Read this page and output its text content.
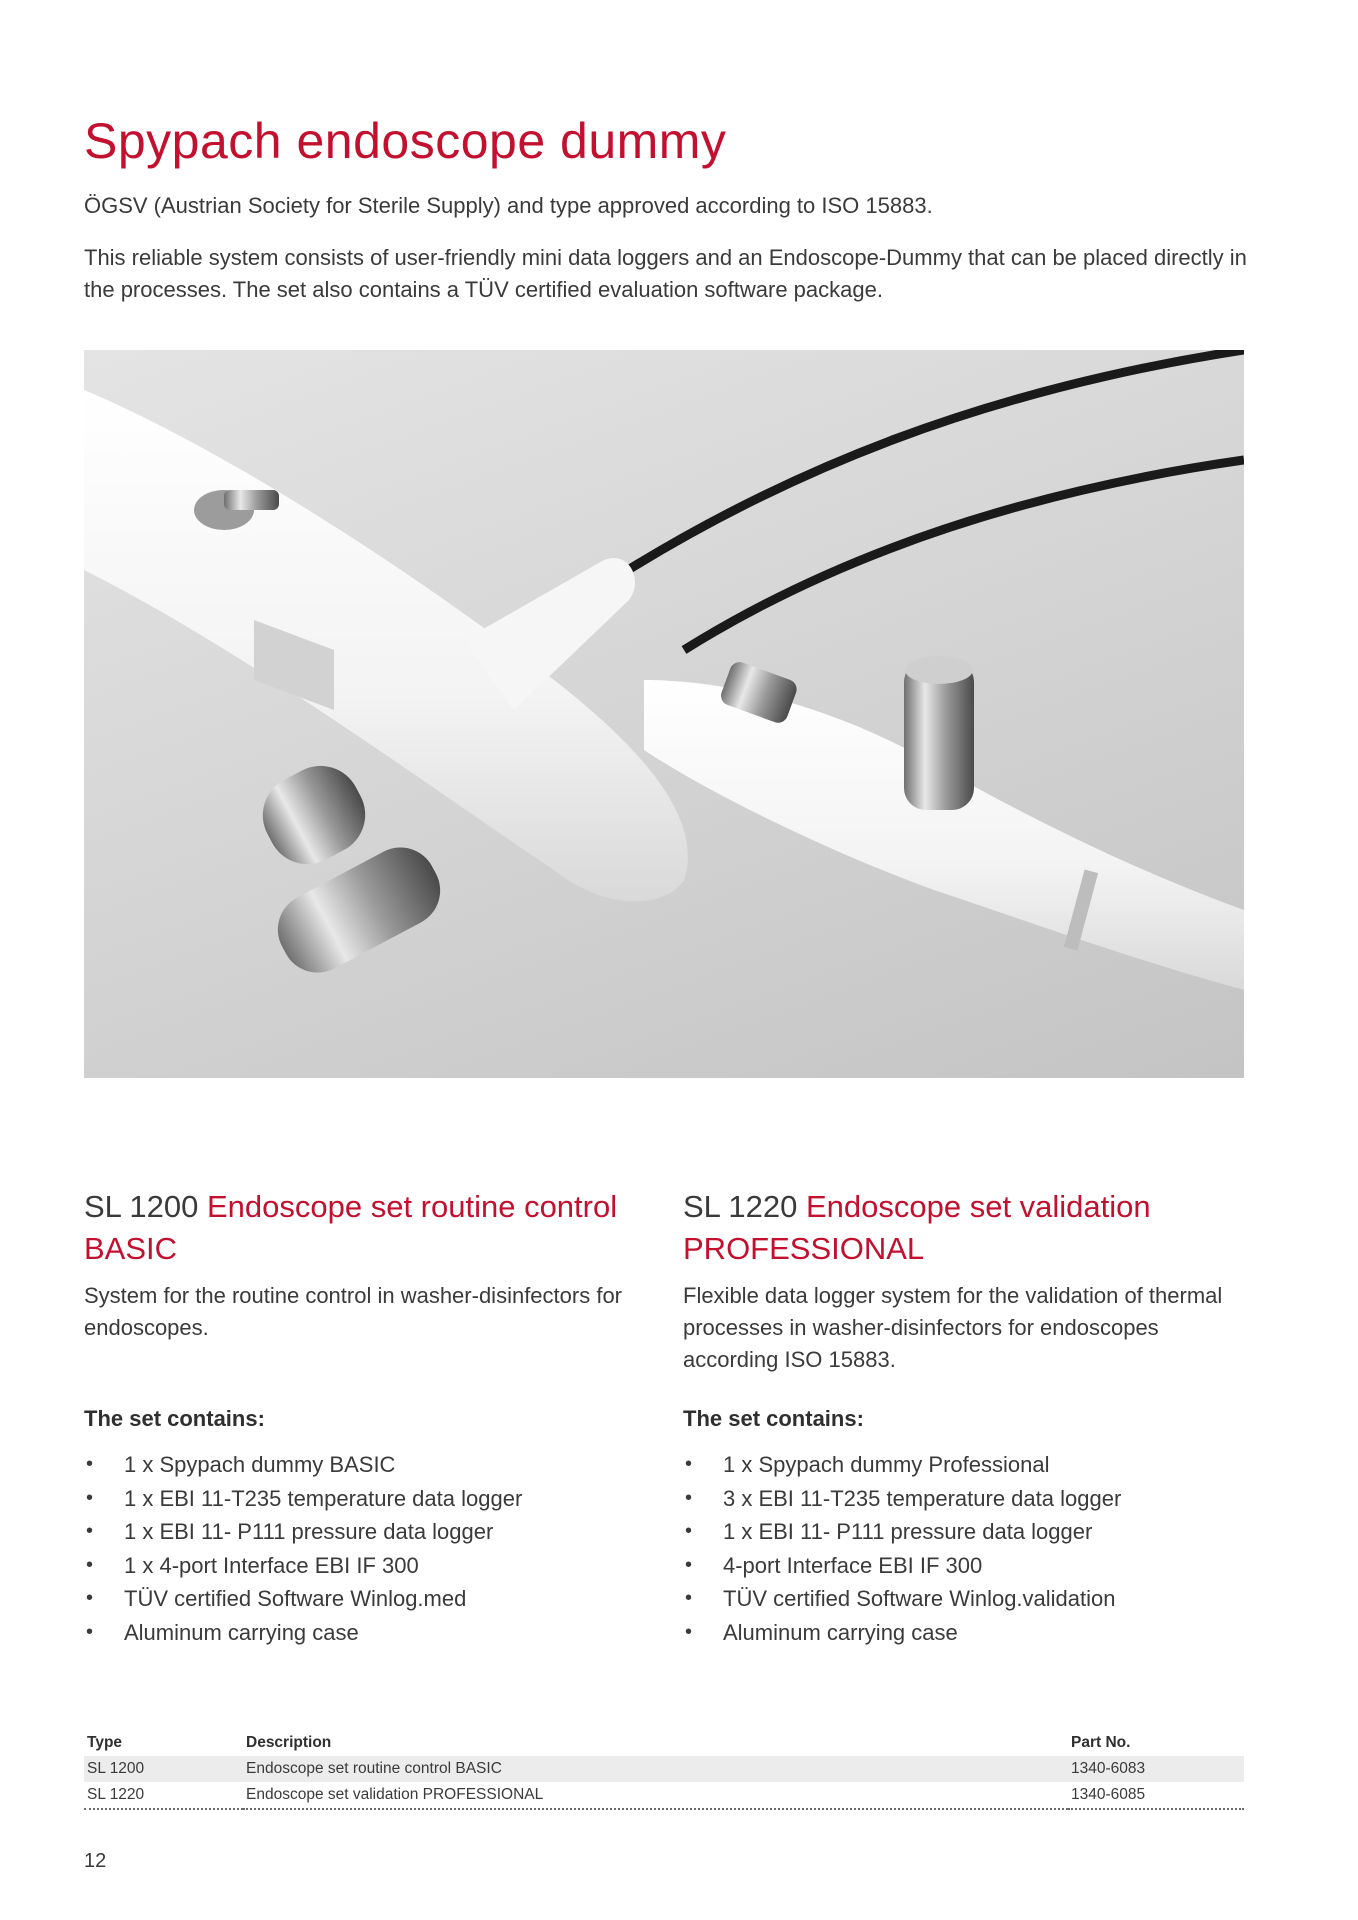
Spypach endoscope dummy

ÖGSV (Austrian Society for Sterile Supply) and type approved according to ISO 15883.

This reliable system consists of user-friendly mini data loggers and an Endoscope-Dummy that can be placed directly in the processes. The set also contains a TÜV certified evaluation software package.

SL 1200 Endoscope set routine control BASIC

System for the routine control in washer-disinfectors for endoscopes.

The set contains:

• 1 x Spypach dummy BASIC
• 1 x EBI 11-T235 temperature data logger
• 1 x EBI 11- P111 pressure data logger
• 1 x 4-port Interface EBI IF 300
• TÜV certified Software Winlog.med
• Aluminum carrying case
SL 1220 Endoscope set validation PROFESSIONAL

Flexible data logger system for the validation of thermal processes in washer-disinfectors for endoscopes according ISO 15883.

The set contains:

• 1 x Spypach dummy Professional
• 3 x EBI 11-T235 temperature data logger
• 1 x EBI 11- P111 pressure data logger
• 4-port Interface EBI IF 300
• TÜV certified Software Winlog.validation
• Aluminum carrying case
Type	Description	Part No.
SL 1200	Endoscope set routine control BASIC	1340-6083
SL 1220	Endoscope set validation PROFESSIONAL	1340-6085
12
